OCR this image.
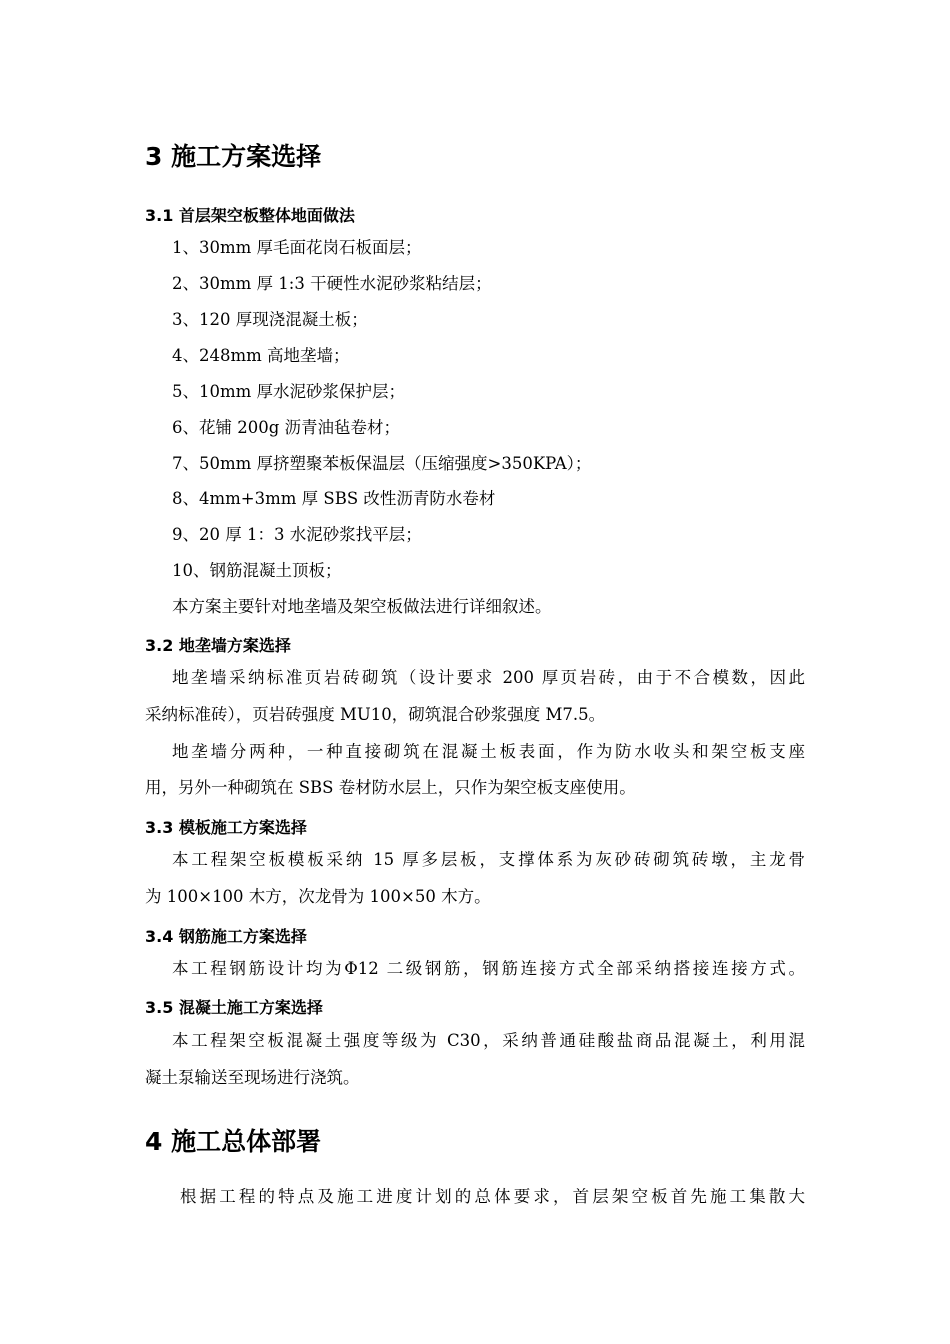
3 施工方案选择
3.1 首层架空板整体地面做法
1、30mm 厚毛面花岗石板面层；
2、30mm 厚 1:3 干硬性水泥砂浆粘结层；
3、120 厚现浇混凝土板；
4、248mm 高地垄墙；
5、10mm 厚水泥砂浆保护层；
6、花铺 200g 沥青油毡卷材；
7、50mm 厚挤塑聚苯板保温层（压缩强度>350KPA）；
8、4mm+3mm 厚 SBS 改性沥青防水卷材
9、20 厚 1：3 水泥砂浆找平层；
10、钢筋混凝土顶板；
本方案主要针对地垄墙及架空板做法进行详细叙述。
3.2 地垄墙方案选择
地垄墙采纳标准页岩砖砌筑（设计要求 200 厚页岩砖，由于不合模数，因此
采纳标准砖），页岩砖强度 MU10，砌筑混合砂浆强度 M7.5。
地垄墙分两种，一种直接砌筑在混凝土板表面，作为防水收头和架空板支座
用，另外一种砌筑在 SBS 卷材防水层上，只作为架空板支座使用。
3.3 模板施工方案选择
本工程架空板模板采纳 15 厚多层板，支撑体系为灰砂砖砌筑砖墩，主龙骨
为 100×100 木方，次龙骨为 100×50 木方。
3.4 钢筋施工方案选择
本工程钢筋设计均为Φ12 二级钢筋，钢筋连接方式全部采纳搭接连接方式。
3.5 混凝土施工方案选择
本工程架空板混凝土强度等级为 C30，采纳普通硅酸盐商品混凝土，利用混
凝土泵输送至现场进行浇筑。
4 施工总体部署
根据工程的特点及施工进度计划的总体要求，首层架空板首先施工集散大
